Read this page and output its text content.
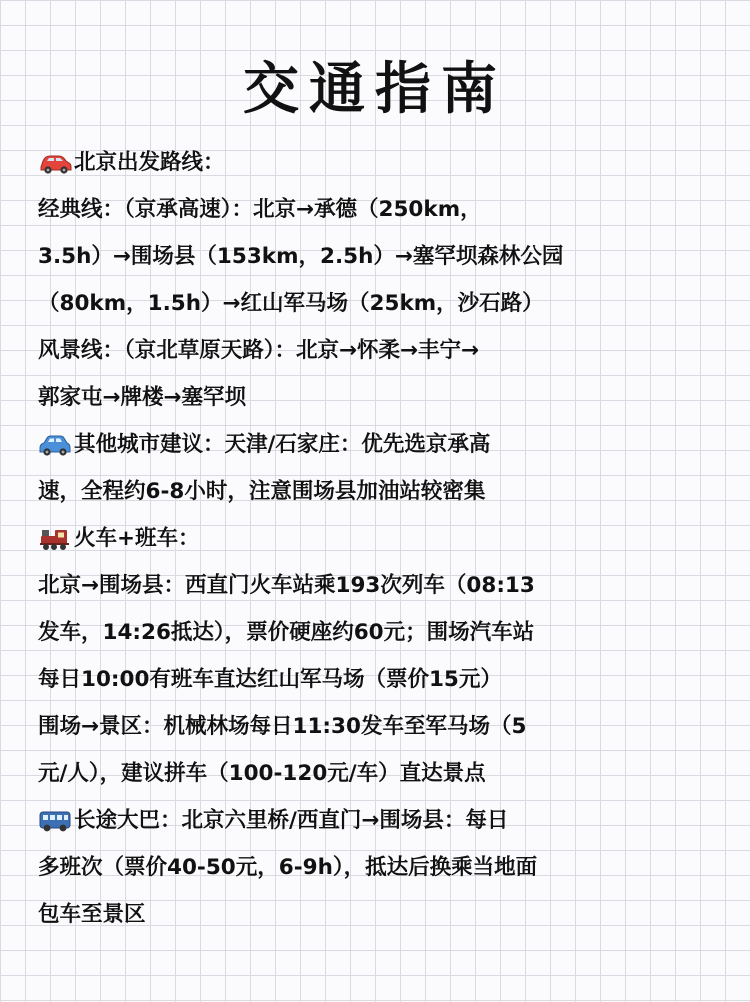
交通指南
北京出发路线：
经典线：（京承高速）：北京→承德（250km，
3.5h）→围场县（153km，2.5h）→塞罕坝森林公园
（80km，1.5h）→红山军马场（25km，沙石路）
风景线：（京北草原天路）：北京→怀柔→丰宁→
郭家屯→牌楼→塞罕坝
其他城市建议：天津/石家庄：优先选京承高
速，全程约6-8小时，注意围场县加油站较密集
火车+班车：
北京→围场县：西直门火车站乘193次列车（08:13
发车，14:26抵达），票价硬座约60元；围场汽车站
每日10:00有班车直达红山军马场（票价15元）
围场→景区：机械林场每日11:30发车至军马场（5
元/人），建议拼车（100-120元/车）直达景点
长途大巴：北京六里桥/西直门→围场县：每日
多班次（票价40-50元，6-9h），抵达后换乘当地面
包车至景区
